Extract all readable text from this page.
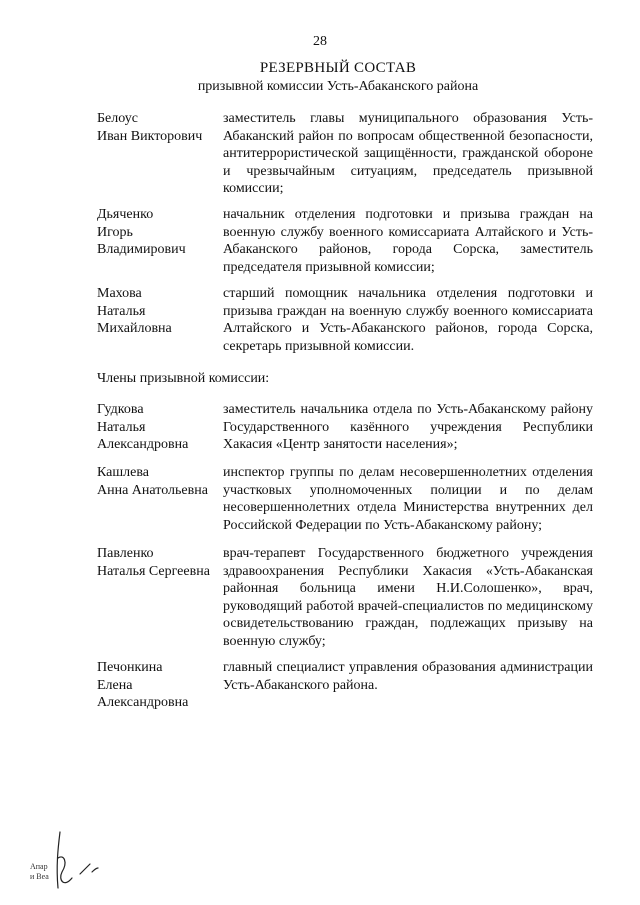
28
РЕЗЕРВНЫЙ СОСТАВ
призывной комиссии Усть-Абаканского района
Белоус
Иван Викторович
заместитель главы муниципального образования Усть-Абаканский район по вопросам общественной безопасности, антитеррористической защищённости, гражданской обороне и чрезвычайным ситуациям, председатель призывной комиссии;
Дьяченко
Игорь
Владимирович
начальник отделения подготовки и призыва граждан на военную службу военного комиссариата Алтайского и Усть-Абаканского районов, города Сорска, заместитель председателя призывной комиссии;
Махова
Наталья
Михайловна
старший помощник начальника отделения подготовки и призыва граждан на военную службу военного комиссариата Алтайского и Усть-Абаканского районов, города Сорска, секретарь призывной комиссии.
Члены призывной комиссии:
Гудкова
Наталья
Александровна
заместитель начальника отдела по Усть-Абаканскому району Государственного казённого учреждения Республики Хакасия «Центр занятости населения»;
Кашлева
Анна Анатольевна
инспектор группы по делам несовершеннолетних отделения участковых уполномоченных полиции и по делам несовершеннолетних отдела Министерства внутренних дел Российской Федерации по Усть-Абаканскому району;
Павленко
Наталья Сергеевна
врач-терапевт Государственного бюджетного учреждения здравоохранения Республики Хакасия «Усть-Абаканская районная больница имени Н.И.Солошенко», врач, руководящий работой врачей-специалистов по медицинскому освидетельствованию граждан, подлежащих призыву на военную службу;
Печонкина
Елена
Александровна
главный специалист управления образования администрации Усть-Абаканского района.
Апар
и Веа
